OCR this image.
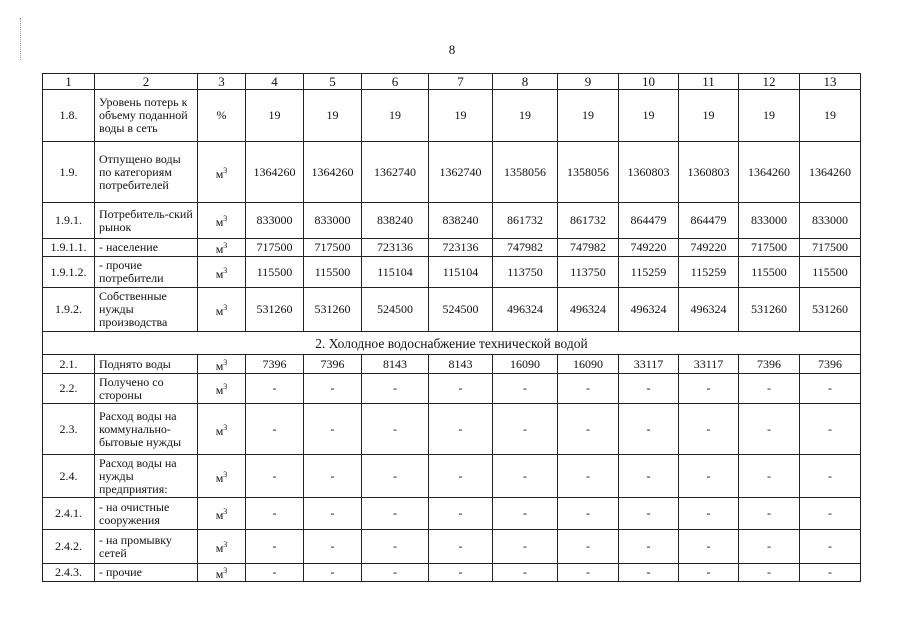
8
1	2	3	4	5	6	7	8	9	10	11	12	13
1.8.	Уровень потерь к объему поданной воды в сеть	%	19	19	19	19	19	19	19	19	19	19
1.9.	Отпущено воды по категориям потребителей	$м^3$	1364260	1364260	1362740	1362740	1358056	1358056	1360803	1360803	1364260	1364260
1.9.1.	Потребитель-ский рынок	$м^3$	833000	833000	838240	838240	861732	861732	864479	864479	833000	833000
1.9.1.1.	- население	$м^3$	717500	717500	723136	723136	747982	747982	749220	749220	717500	717500
1.9.1.2.	- прочие потребители	$м^3$	115500	115500	115104	115104	113750	113750	115259	115259	115500	115500
1.9.2.	Собственные нужды производства	$м^3$	531260	531260	524500	524500	496324	496324	496324	496324	531260	531260
2. Холодное водоснабжение технической водой												
2.1.	Поднято воды	$м^3$	7396	7396	8143	8143	16090	16090	33117	33117	7396	7396
2.2.	Получено со стороны	$м^3$	-	-	-	-	-	-	-	-	-	-
2.3.	Расход воды на коммунально-бытовые нужды	$м^3$	-	-	-	-	-	-	-	-	-	-
2.4.	Расход воды на нужды предприятия:	$м^3$	-	-	-	-	-	-	-	-	-	-
2.4.1.	- на очистные сооружения	$м^3$	-	-	-	-	-	-	-	-	-	-
2.4.2.	- на промывку сетей	$м^3$	-	-	-	-	-	-	-	-	-	-
2.4.3.	- прочие	$м^3$	-	-	-	-	-	-	-	-	-	-
